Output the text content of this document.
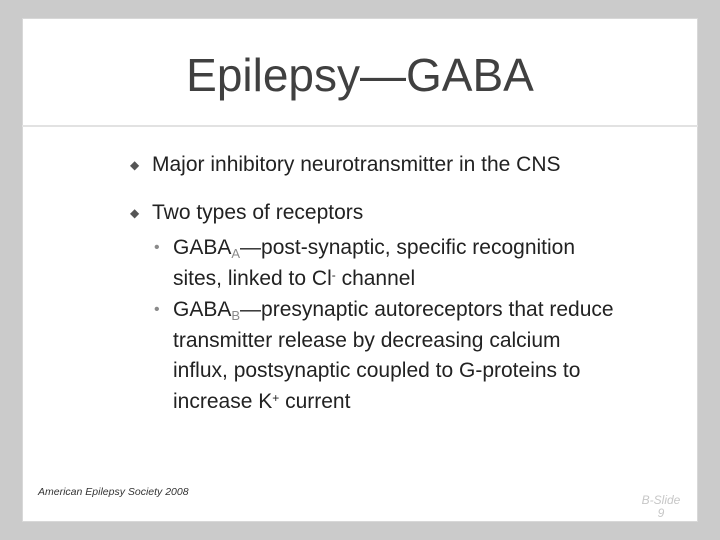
Epilepsy—GABA
◆ Major inhibitory neurotransmitter in the CNS
◆ Two types of receptors
• $GABA_A—post$-synaptic, specific recognition
sites, linked to Cl- channel
• $GABA_B—presynaptic$ autoreceptors that reduce
transmitter release by decreasing calcium
influx, postsynaptic coupled to G-proteins to
increase K+ current
American Epilepsy Society 2008
B-Slide
9
